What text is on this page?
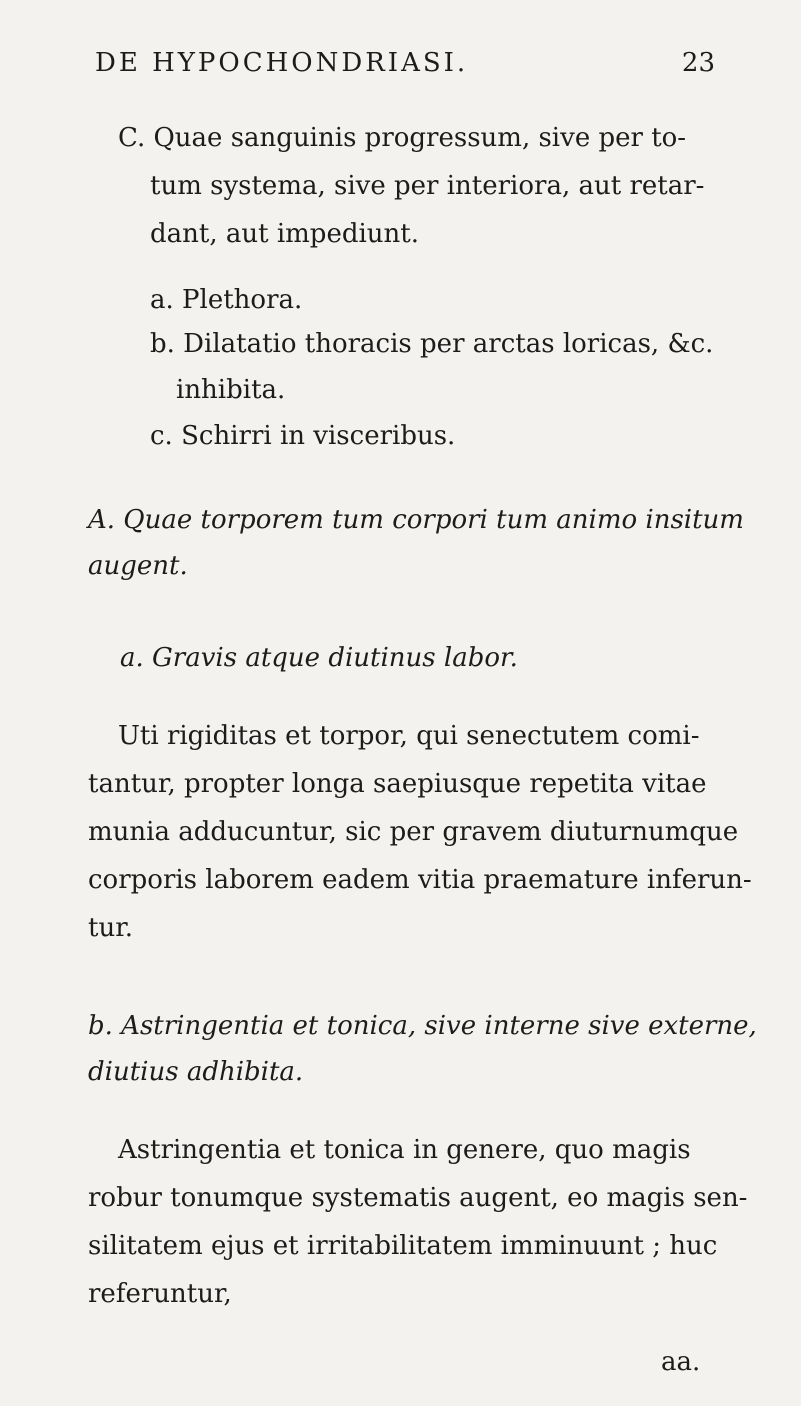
DE HYPOCHONDRIASI.	23
C. Quae sanguinis progressum, sive per to-
tum systema, sive per interiora, aut retar-
dant, aut impediunt.
a. Plethora.
b. Dilatatio thoracis per arctas loricas, &c.
inhibita.
c. Schirri in visceribus.
A. Quae torporem tum corpori tum animo insitum
augent.
a. Gravis atque diutinus labor.
Uti rigiditas et torpor, qui senectutem comi-
tantur, propter longa saepiusque repetita vitae
munia adducuntur, sic per gravem diuturnumque
corporis laborem eadem vitia praemature inferun-
tur.
b. Astringentia et tonica, sive interne sive externe,
diutius adhibita.
Astringentia et tonica in genere, quo magis
robur tonumque systematis augent, eo magis sen-
silitatem ejus et irritabilitatem imminuunt ; huc
referuntur,
aa.
